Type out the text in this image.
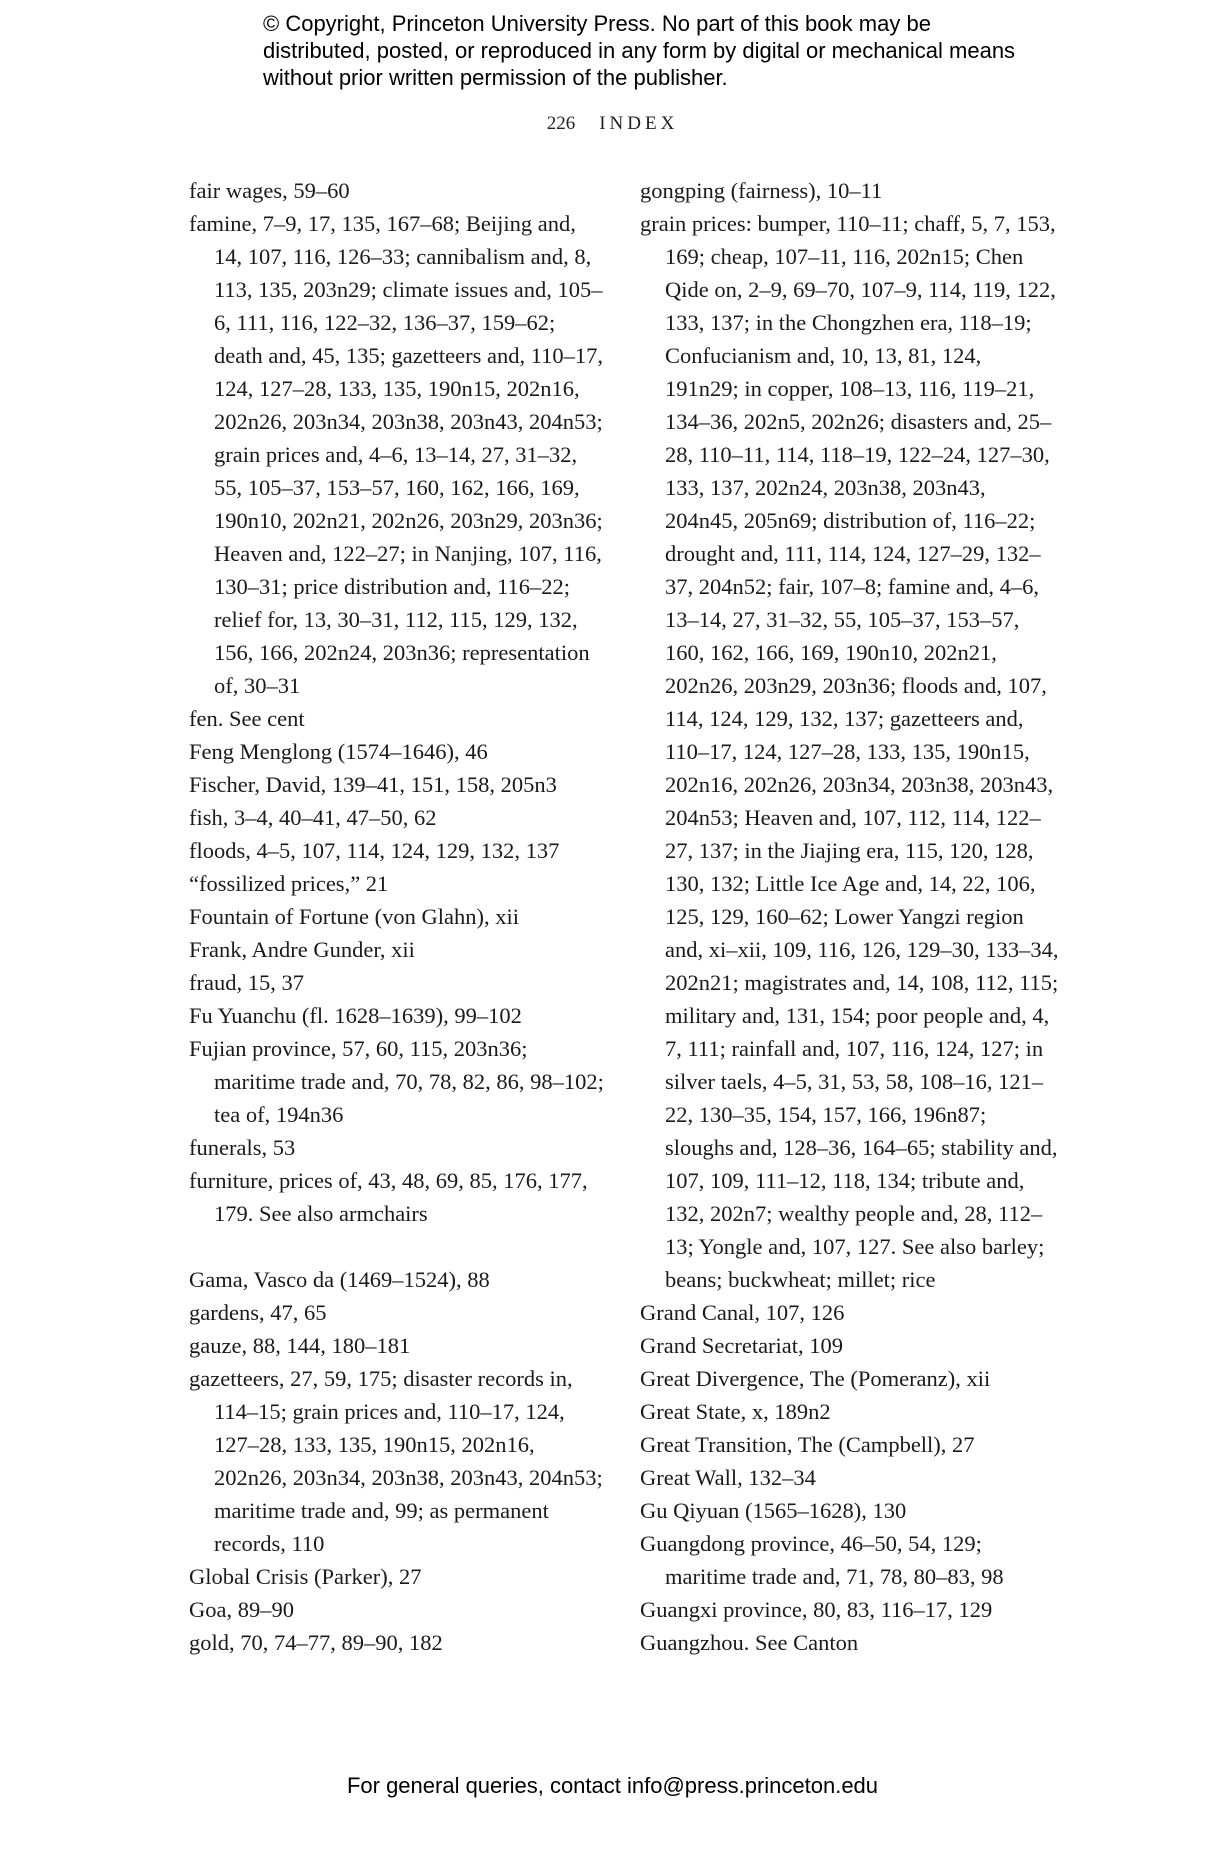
© Copyright, Princeton University Press. No part of this book may be distributed, posted, or reproduced in any form by digital or mechanical means without prior written permission of the publisher.
226 INDEX
fair wages, 59–60
famine, 7–9, 17, 135, 167–68; Beijing and, 14, 107, 116, 126–33; cannibalism and, 8, 113, 135, 203n29; climate issues and, 105–6, 111, 116, 122–32, 136–37, 159–62; death and, 45, 135; gazetteers and, 110–17, 124, 127–28, 133, 135, 190n15, 202n16, 202n26, 203n34, 203n38, 203n43, 204n53; grain prices and, 4–6, 13–14, 27, 31–32, 55, 105–37, 153–57, 160, 162, 166, 169, 190n10, 202n21, 202n26, 203n29, 203n36; Heaven and, 122–27; in Nanjing, 107, 116, 130–31; price distribution and, 116–22; relief for, 13, 30–31, 112, 115, 129, 132, 156, 166, 202n24, 203n36; representation of, 30–31
fen. See cent
Feng Menglong (1574–1646), 46
Fischer, David, 139–41, 151, 158, 205n3
fish, 3–4, 40–41, 47–50, 62
floods, 4–5, 107, 114, 124, 129, 132, 137
“fossilized prices,” 21
Fountain of Fortune (von Glahn), xii
Frank, Andre Gunder, xii
fraud, 15, 37
Fu Yuanchu (fl. 1628–1639), 99–102
Fujian province, 57, 60, 115, 203n36; maritime trade and, 70, 78, 82, 86, 98–102; tea of, 194n36
funerals, 53
furniture, prices of, 43, 48, 69, 85, 176, 177, 179. See also armchairs
Gama, Vasco da (1469–1524), 88
gardens, 47, 65
gauze, 88, 144, 180–181
gazetteers, 27, 59, 175; disaster records in, 114–15; grain prices and, 110–17, 124, 127–28, 133, 135, 190n15, 202n16, 202n26, 203n34, 203n38, 203n43, 204n53; maritime trade and, 99; as permanent records, 110
Global Crisis (Parker), 27
Goa, 89–90
gold, 70, 74–77, 89–90, 182
gongping (fairness), 10–11
grain prices: bumper, 110–11; chaff, 5, 7, 153, 169; cheap, 107–11, 116, 202n15; Chen Qide on, 2–9, 69–70, 107–9, 114, 119, 122, 133, 137; in the Chongzhen era, 118–19; Confucianism and, 10, 13, 81, 124, 191n29; in copper, 108–13, 116, 119–21, 134–36, 202n5, 202n26; disasters and, 25–28, 110–11, 114, 118–19, 122–24, 127–30, 133, 137, 202n24, 203n38, 203n43, 204n45, 205n69; distribution of, 116–22; drought and, 111, 114, 124, 127–29, 132–37, 204n52; fair, 107–8; famine and, 4–6, 13–14, 27, 31–32, 55, 105–37, 153–57, 160, 162, 166, 169, 190n10, 202n21, 202n26, 203n29, 203n36; floods and, 107, 114, 124, 129, 132, 137; gazetteers and, 110–17, 124, 127–28, 133, 135, 190n15, 202n16, 202n26, 203n34, 203n38, 203n43, 204n53; Heaven and, 107, 112, 114, 122–27, 137; in the Jiajing era, 115, 120, 128, 130, 132; Little Ice Age and, 14, 22, 106, 125, 129, 160–62; Lower Yangzi region and, xi–xii, 109, 116, 126, 129–30, 133–34, 202n21; magistrates and, 14, 108, 112, 115; military and, 131, 154; poor people and, 4, 7, 111; rainfall and, 107, 116, 124, 127; in silver taels, 4–5, 31, 53, 58, 108–16, 121–22, 130–35, 154, 157, 166, 196n87; sloughs and, 128–36, 164–65; stability and, 107, 109, 111–12, 118, 134; tribute and, 132, 202n7; wealthy people and, 28, 112–13; Yongle and, 107, 127. See also barley; beans; buckwheat; millet; rice
Grand Canal, 107, 126
Grand Secretariat, 109
Great Divergence, The (Pomeranz), xii
Great State, x, 189n2
Great Transition, The (Campbell), 27
Great Wall, 132–34
Gu Qiyuan (1565–1628), 130
Guangdong province, 46–50, 54, 129; maritime trade and, 71, 78, 80–83, 98
Guangxi province, 80, 83, 116–17, 129
Guangzhou. See Canton
For general queries, contact info@press.princeton.edu
